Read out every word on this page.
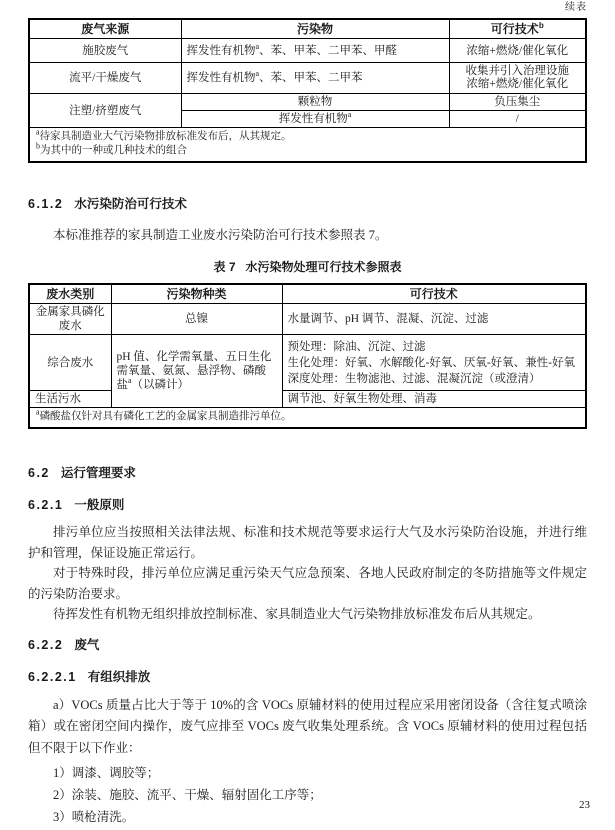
续表
废气来源	污染物	可行技术$^b$
施胶废气	挥发性有机物$^a$、苯、甲苯、二甲苯、甲醛	浓缩+燃烧/催化氧化
流平/干燥废气	挥发性有机物$^a$、苯、甲苯、二甲苯	收集并引入治理设施
浓缩+燃烧/催化氧化

注塑/挤塑废气	颗粒物	负压集尘
	挥发性有机物$^a$	/

$^a$待家具制造业大气污染物排放标准发布后，从其规定。
$^b$为其中的一种或几种技术的组合		
6.1.2 水污染防治可行技术

本标准推荐的家具制造工业废水污染防治可行技术参照表 7。

表 7 水污染物处理可行技术参照表
废水类别	污染物种类	可行技术
金属家具磷化废水	总镍	水量调节、pH 调节、混凝、沉淀、过滤
综合废水	pH 值、化学需氧量、五日生化需氧量、氨氮、悬浮物、磷酸盐$^a$（以磷计）	预处理：除油、沉淀、过滤
生化处理：好氧、水解酸化-好氧、厌氧-好氧、兼性-好氧
深度处理：生物滤池、过滤、混凝沉淀（或澄清）

生活污水		调节池、好氧生物处理、消毒

$^a$磷酸盐仅针对具有磷化工艺的金属家具制造排污单位。		
6.2 运行管理要求
6.2.1 一般原则

排污单位应当按照相关法律法规、标准和技术规范等要求运行大气及水污染防治设施，并进行维护和管理，保证设施正常运行。

对于特殊时段，排污单位应满足重污染天气应急预案、各地人民政府制定的冬防措施等文件规定的污染防治要求。

待挥发性有机物无组织排放控制标准、家具制造业大气污染物排放标准发布后从其规定。

6.2.2 废气
6.2.2.1 有组织排放

a）VOCs 质量占比大于等于 10%的含 VOCs 原辅材料的使用过程应采用密闭设备（含往复式喷涂箱）或在密闭空间内操作，废气应排至 VOCs 废气收集处理系统。含 VOCs 原辅材料的使用过程包括但不限于以下作业：

1）调漆、调胶等；
2）涂装、施胶、流平、干燥、辐射固化工序等；
3）喷枪清洗。
23
